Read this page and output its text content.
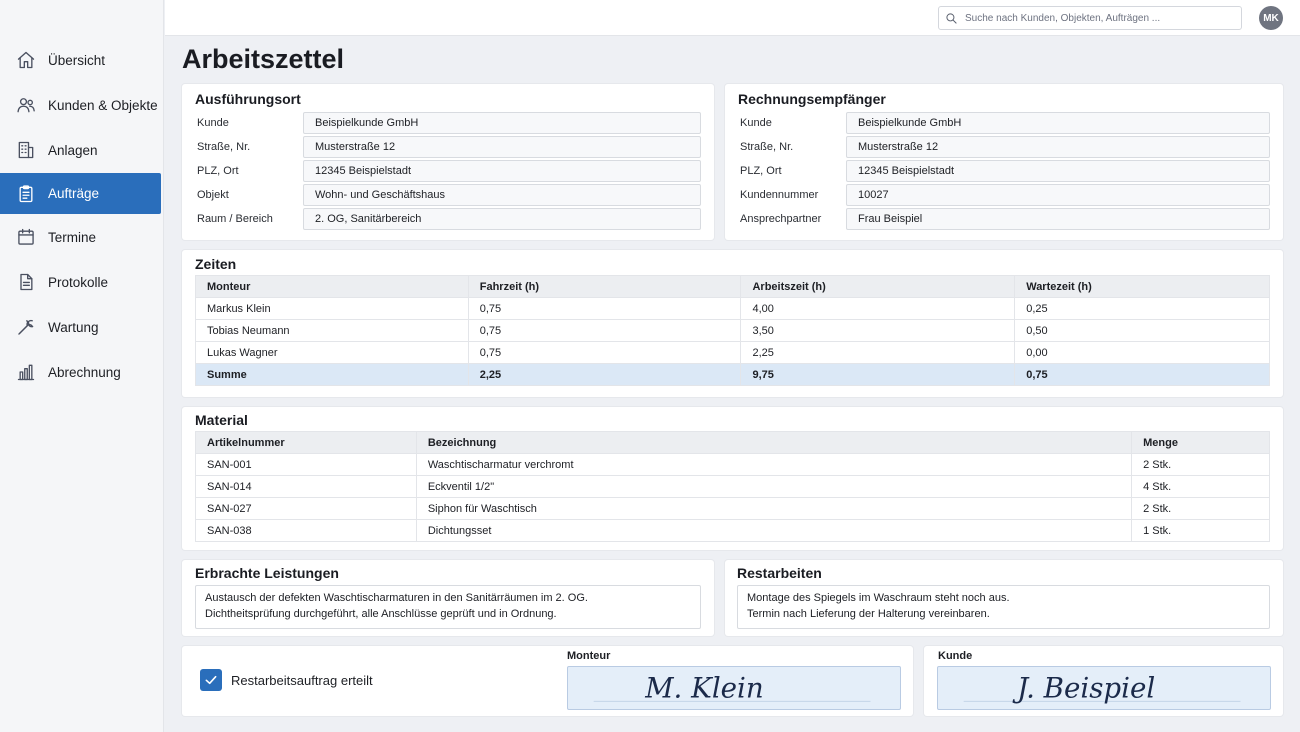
Übersicht
Kunden & Objekte
Anlagen
Aufträge
Termine
Protokolle
Wartung
Abrechnung
Suche nach Kunden, Objekten, Aufträgen ...
MK
Arbeitszettel
Ausführungsort
Kunde	Beispielkunde GmbH
Straße, Nr.	Musterstraße 12
PLZ, Ort	12345 Beispielstadt
Objekt	Wohn- und Geschäftshaus
Raum / Bereich	2. OG, Sanitärbereich
Rechnungsempfänger
Kunde	Beispielkunde GmbH
Straße, Nr.	Musterstraße 12
PLZ, Ort	12345 Beispielstadt
Kundennummer	10027
Ansprechpartner	Frau Beispiel
Zeiten
Monteur	Fahrzeit (h)	Arbeitszeit (h)	Wartezeit (h)
Markus Klein	0,75	4,00	0,25
Tobias Neumann	0,75	3,50	0,50
Lukas Wagner	0,75	2,25	0,00
Summe	2,25	9,75	0,75
Material
Artikelnummer	Bezeichnung	Menge
SAN-001	Waschtischarmatur verchromt	2 Stk.
SAN-014	Eckventil 1/2"	4 Stk.
SAN-027	Siphon für Waschtisch	2 Stk.
SAN-038	Dichtungsset	1 Stk.
Erbrachte Leistungen
Austausch der defekten Waschtischarmaturen in den Sanitärräumen im 2. OG.
Dichtheitsprüfung durchgeführt, alle Anschlüsse geprüft und in Ordnung.
Restarbeiten
Montage des Spiegels im Waschraum steht noch aus.
Termin nach Lieferung der Halterung vereinbaren.
Restarbeitsauftrag erteilt
Monteur
M. Klein
Kunde
J. Beispiel
